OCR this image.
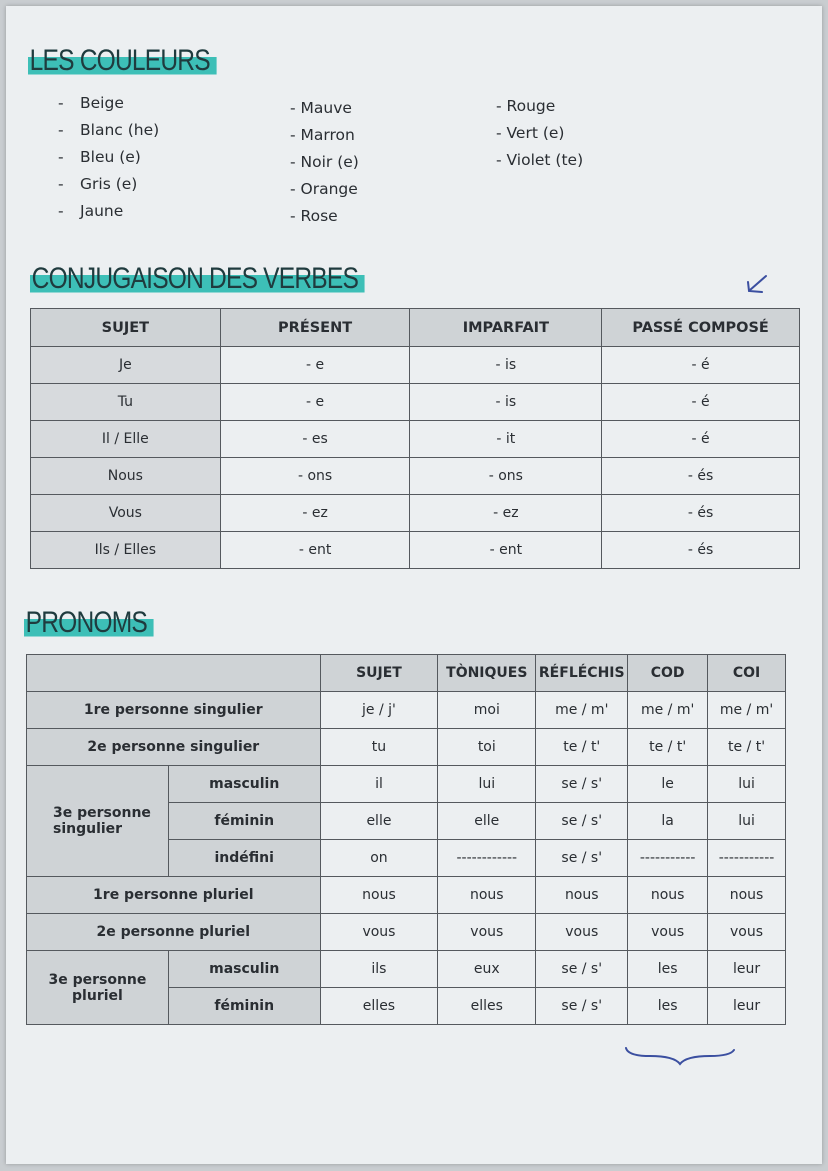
LES COULEURS
- Beige
- Blanc (he)
- Bleu (e)
- Gris (e)
- Jaune
- Mauve
- Marron
- Noir (e)
- Orange
- Rose
- Rouge
- Vert (e)
- Violet (te)
CONJUGAISON DES VERBES
SUJET	PRÉSENT	IMPARFAIT	PASSÉ COMPOSÉ
Je	- e	- is	- é
Tu	- e	- is	- é
Il / Elle	- es	- it	- é
Nous	- ons	- ons	- és
Vous	- ez	- ez	- és
Ils / Elles	- ent	- ent	- és
PRONOMS
		SUJET	TÒNIQUES	RÉFLÉCHIS	COD	COI
1re personne singulier		je / j'	moi	me / m'	me / m'	me / m'
2e personne singulier		tu	toi	te / t'	te / t'	te / t'
3e personne singulier	masculin	il	lui	se / s'	le	lui
	féminin	elle	elle	se / s'	la	lui
	indéfini	on	------------	se / s'	-----------	-----------
1re personne pluriel		nous	nous	nous	nous	nous
2e personne pluriel		vous	vous	vous	vous	vous
3e personne pluriel	masculin	ils	eux	se / s'	les	leur
	féminin	elles	elles	se / s'	les	leur
